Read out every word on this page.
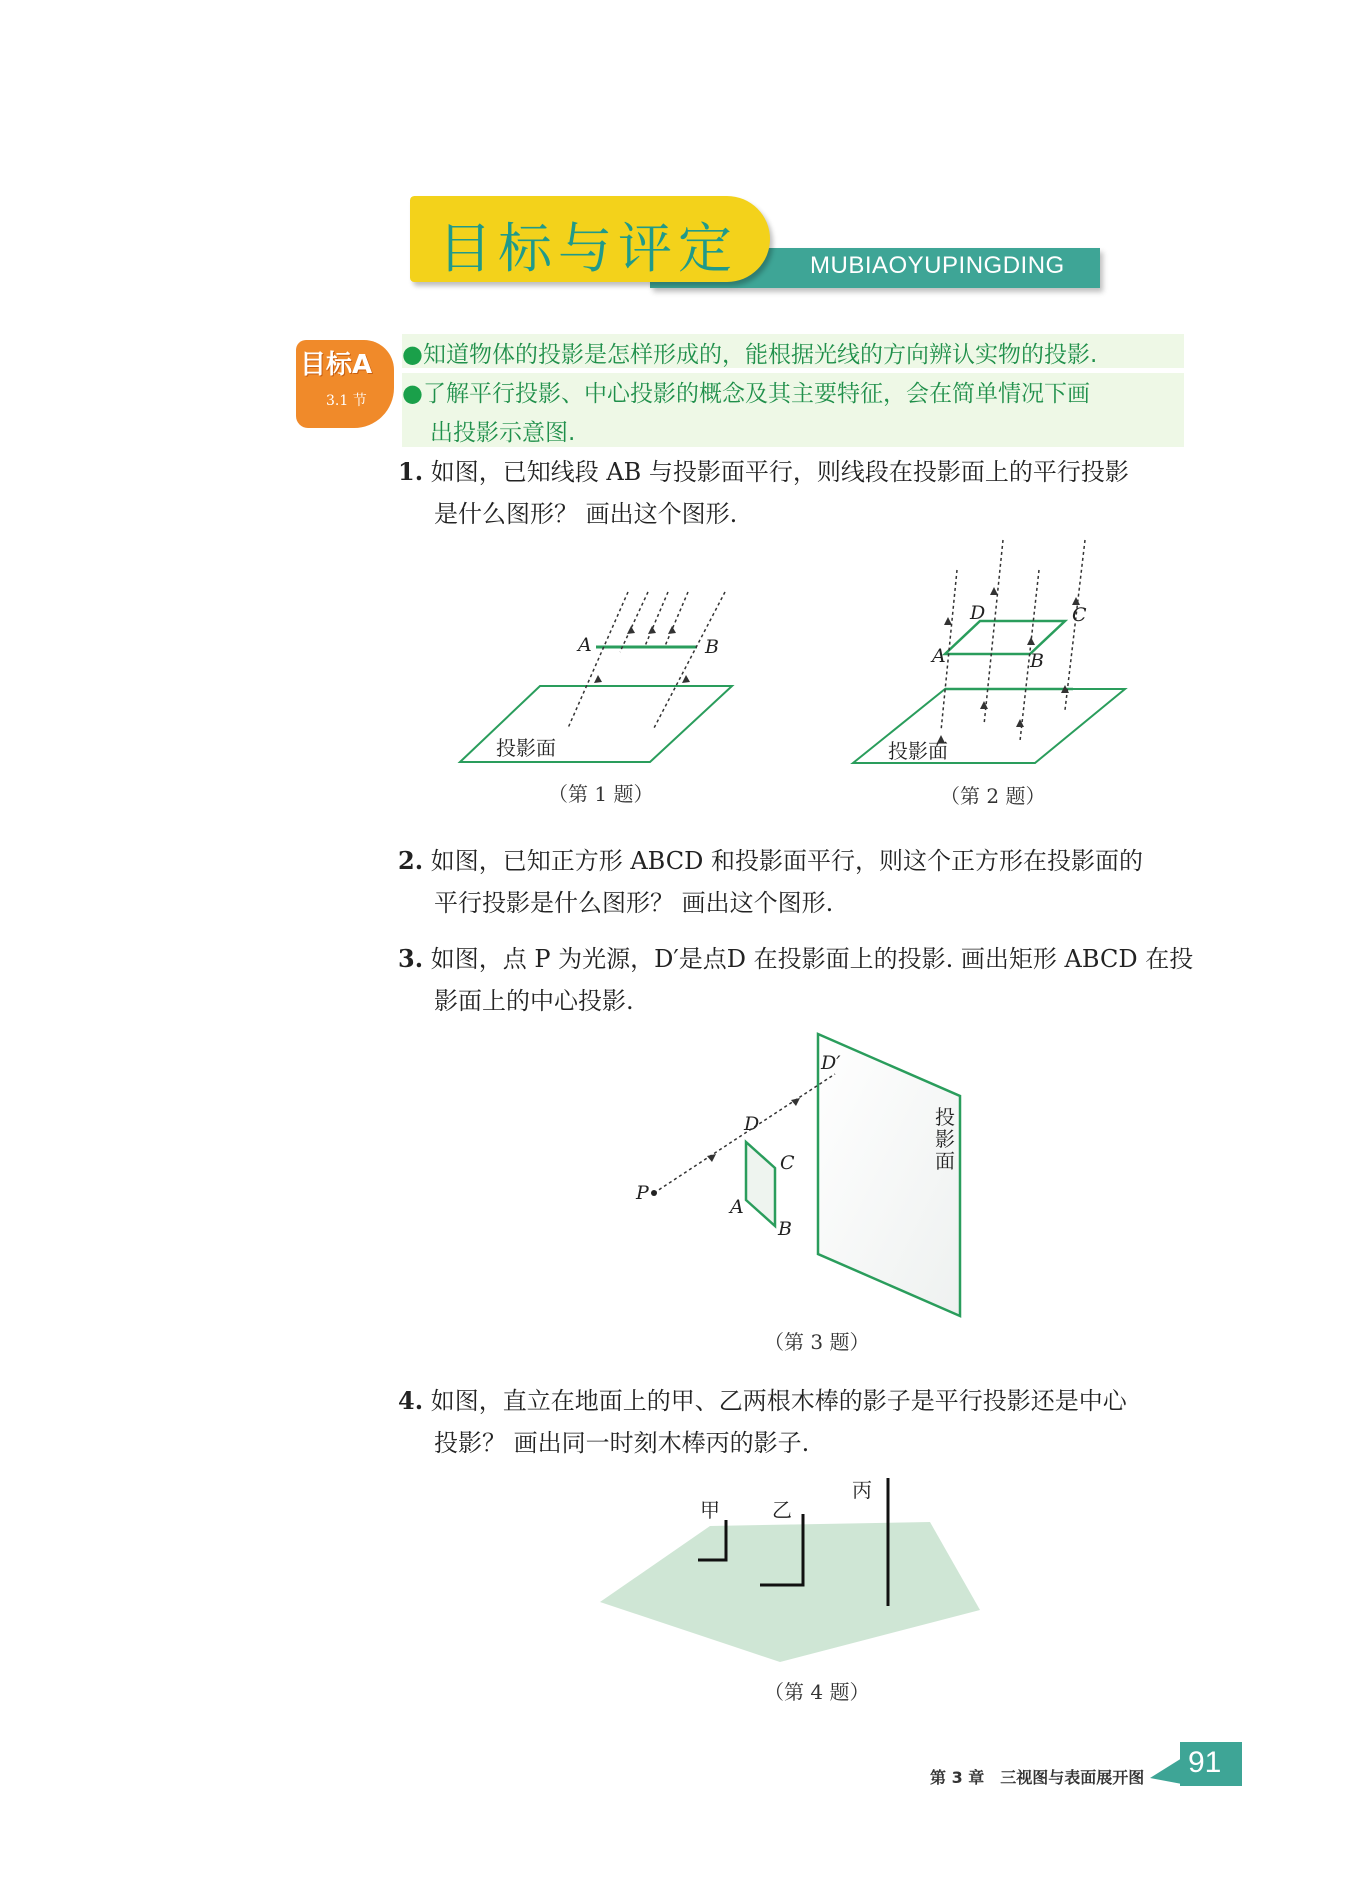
MUBIAOYUPINGDING
目标与评定
目标A
3.1 节
●知道物体的投影是怎样形成的，能根据光线的方向辨认实物的投影.
●了解平行投影、中心投影的概念及其主要特征，会在简单情况下画
出投影示意图.
1. 如图，已知线段 AB 与投影面平行，则线段在投影面上的平行投影
是什么图形？ 画出这个图形.
A	B
投影面
（第 1 题）
D	C
A	B
投影面
（第 2 题）
2. 如图，已知正方形 ABCD 和投影面平行，则这个正方形在投影面的
平行投影是什么图形？ 画出这个图形.
3. 如图，点 P 为光源，D′是点D 在投影面上的投影. 画出矩形 ABCD 在投
影面上的中心投影.
D′
D
C
P
A
B
投影面
（第 3 题）
4. 如图，直立在地面上的甲、乙两根木棒的影子是平行投影还是中心
投影？ 画出同一时刻木棒丙的影子.
甲	乙
丙
（第 4 题）
第 3 章　三视图与表面展开图 91
